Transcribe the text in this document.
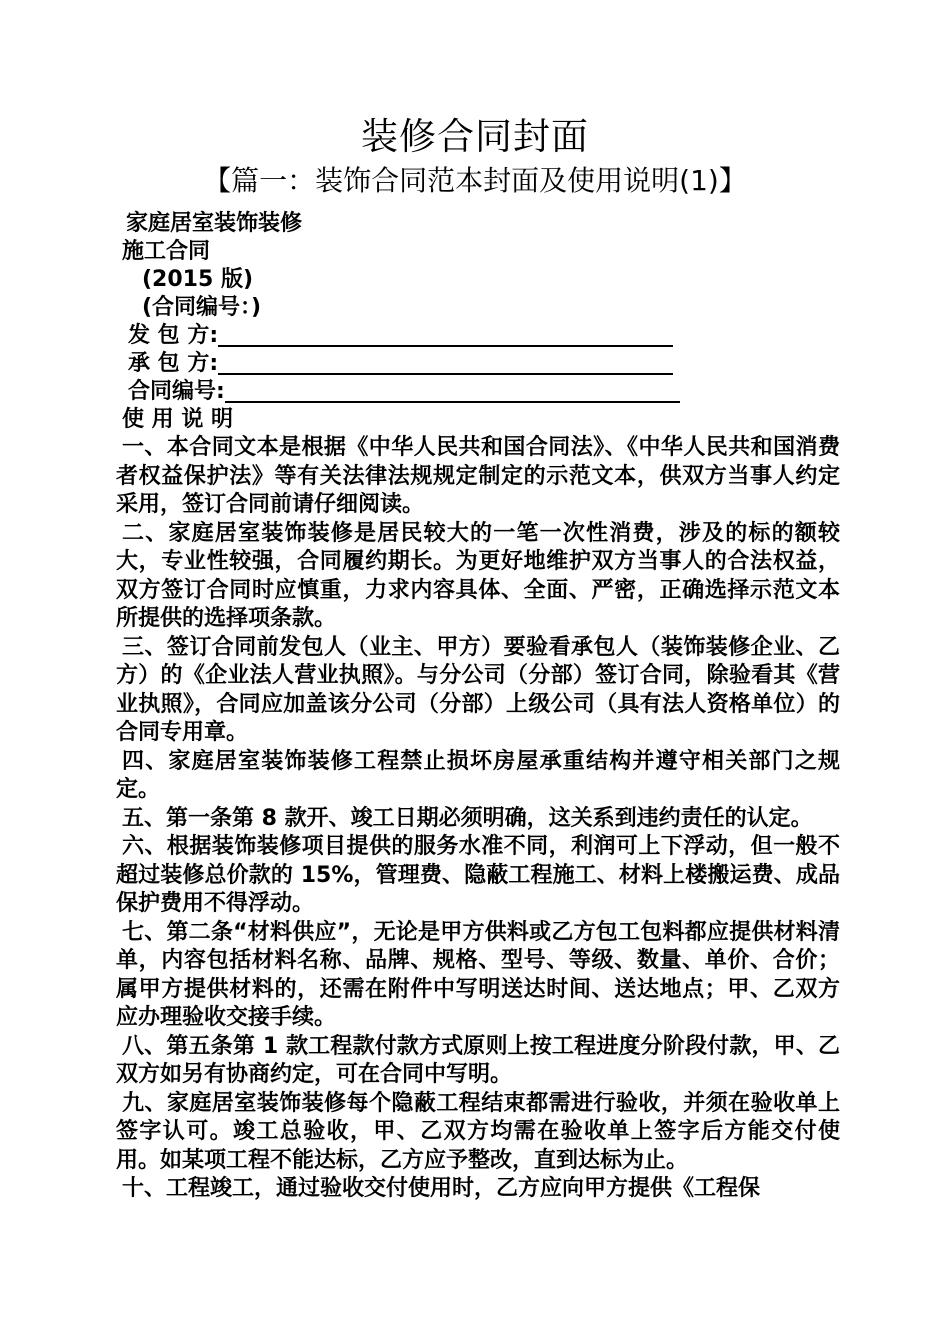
装修合同封面
【篇一：装饰合同范本封面及使用说明(1)】
家庭居室装饰装修
施工合同
(2015 版)
(合同编号：)
发 包 方:
承 包 方:
合同编号:
使 用 说 明

一、本合同文本是根据《中华人民共和国合同法》、《中华人民共和国消费者权益保护法》等有关法律法规规定制定的示范文本，供双方当事人约定采用，签订合同前请仔细阅读。

二、家庭居室装饰装修是居民较大的一笔一次性消费，涉及的标的额较大，专业性较强，合同履约期长。为更好地维护双方当事人的合法权益，双方签订合同时应慎重，力求内容具体、全面、严密，正确选择示范文本所提供的选择项条款。

三、签订合同前发包人（业主、甲方）要验看承包人（装饰装修企业、乙方）的《企业法人营业执照》。与分公司（分部）签订合同，除验看其《营业执照》，合同应加盖该分公司（分部）上级公司（具有法人资格单位）的合同专用章。

四、家庭居室装饰装修工程禁止损坏房屋承重结构并遵守相关部门之规定。

五、第一条第 8 款开、竣工日期必须明确，这关系到违约责任的认定。

六、根据装饰装修项目提供的服务水准不同，利润可上下浮动，但一般不超过装修总价款的 15%，管理费、隐蔽工程施工、材料上楼搬运费、成品保护费用不得浮动。

七、第二条“材料供应”，无论是甲方供料或乙方包工包料都应提供材料清单，内容包括材料名称、品牌、规格、型号、等级、数量、单价、合价；属甲方提供材料的，还需在附件中写明送达时间、送达地点；甲、乙双方应办理验收交接手续。

八、第五条第 1 款工程款付款方式原则上按工程进度分阶段付款，甲、乙双方如另有协商约定，可在合同中写明。

九、家庭居室装饰装修每个隐蔽工程结束都需进行验收，并须在验收单上签字认可。竣工总验收，甲、乙双方均需在验收单上签字后方能交付使用。如某项工程不能达标，乙方应予整改，直到达标为止。

十、工程竣工，通过验收交付使用时，乙方应向甲方提供《工程保
